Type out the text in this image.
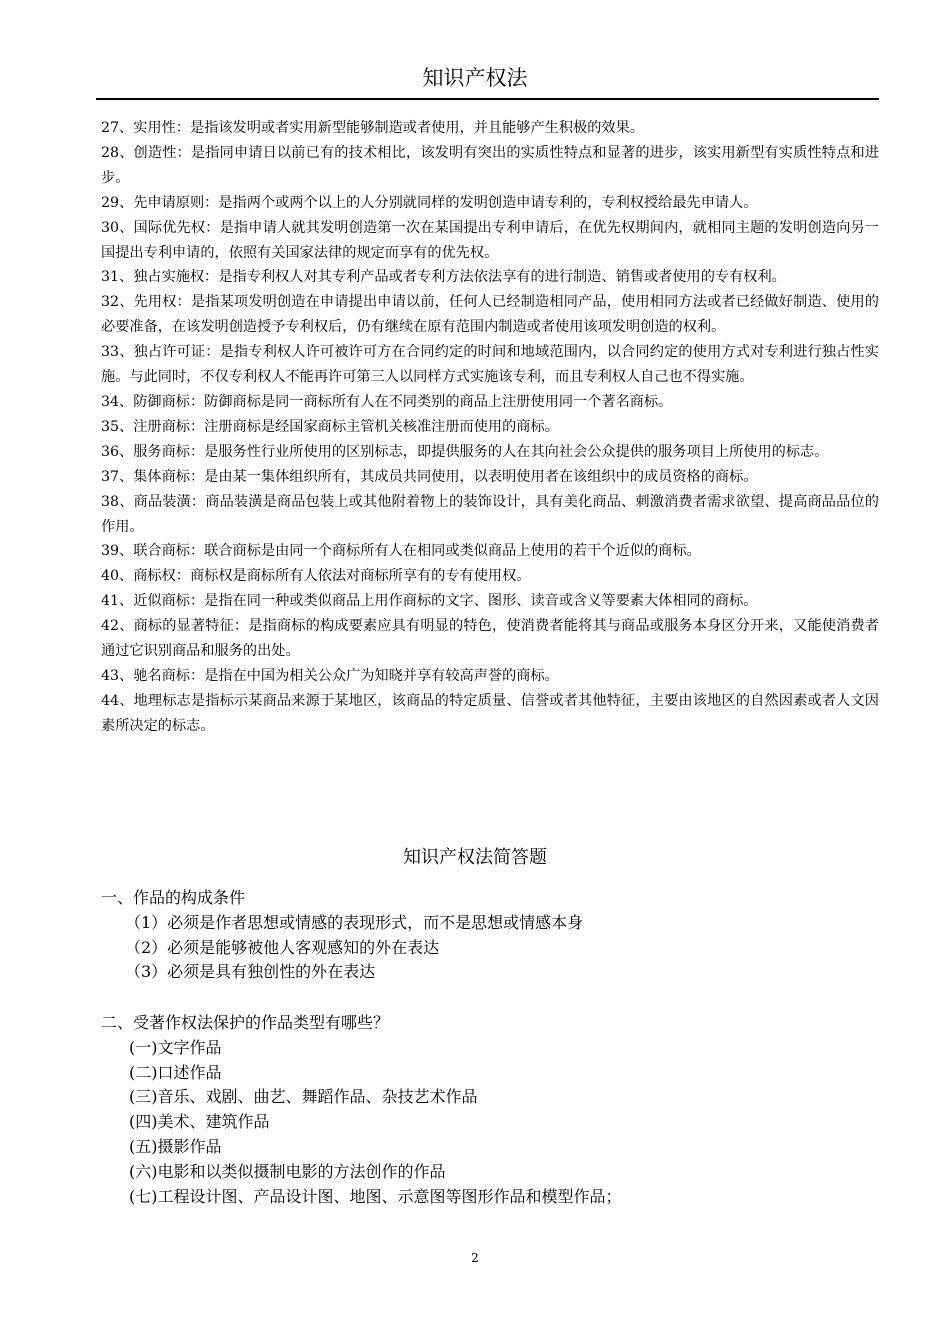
知识产权法

27、实用性：是指该发明或者实用新型能够制造或者使用，并且能够产生积极的效果。

28、创造性：是指同申请日以前已有的技术相比，该发明有突出的实质性特点和显著的进步，该实用新型有实质性特点和进步。

29、先申请原则：是指两个或两个以上的人分别就同样的发明创造申请专利的，专利权授给最先申请人。

30、国际优先权：是指申请人就其发明创造第一次在某国提出专利申请后，在优先权期间内，就相同主题的发明创造向另一国提出专利申请的，依照有关国家法律的规定而享有的优先权。

31、独占实施权：是指专利权人对其专利产品或者专利方法依法享有的进行制造、销售或者使用的专有权利。

32、先用权：是指某项发明创造在申请提出申请以前，任何人已经制造相同产品，使用相同方法或者已经做好制造、使用的必要准备，在该发明创造授予专利权后，仍有继续在原有范围内制造或者使用该项发明创造的权利。

33、独占许可证：是指专利权人许可被许可方在合同约定的时间和地域范围内，以合同约定的使用方式对专利进行独占性实施。与此同时，不仅专利权人不能再许可第三人以同样方式实施该专利，而且专利权人自己也不得实施。

34、防御商标：防御商标是同一商标所有人在不同类别的商品上注册使用同一个著名商标。

35、注册商标：注册商标是经国家商标主管机关核准注册而使用的商标。

36、服务商标：是服务性行业所使用的区别标志，即提供服务的人在其向社会公众提供的服务项目上所使用的标志。

37、集体商标：是由某一集体组织所有，其成员共同使用，以表明使用者在该组织中的成员资格的商标。

38、商品装潢：商品装潢是商品包装上或其他附着物上的装饰设计，具有美化商品、刺激消费者需求欲望、提高商品品位的作用。

39、联合商标：联合商标是由同一个商标所有人在相同或类似商品上使用的若干个近似的商标。

40、商标权：商标权是商标所有人依法对商标所享有的专有使用权。

41、近似商标：是指在同一种或类似商品上用作商标的文字、图形、读音或含义等要素大体相同的商标。

42、商标的显著特征：是指商标的构成要素应具有明显的特色，使消费者能将其与商品或服务本身区分开来，又能使消费者通过它识别商品和服务的出处。

43、驰名商标：是指在中国为相关公众广为知晓并享有较高声誉的商标。

44、地理标志是指标示某商品来源于某地区，该商品的特定质量、信誉或者其他特征，主要由该地区的自然因素或者人文因素所决定的标志。

知识产权法简答题

一、作品的构成条件

（1）必须是作者思想或情感的表现形式，而不是思想或情感本身

（2）必须是能够被他人客观感知的外在表达

（3）必须是具有独创性的外在表达

二、受著作权法保护的作品类型有哪些？

(一)文字作品

(二)口述作品

(三)音乐、戏剧、曲艺、舞蹈作品、杂技艺术作品

(四)美术、建筑作品

(五)摄影作品

(六)电影和以类似摄制电影的方法创作的作品

(七)工程设计图、产品设计图、地图、示意图等图形作品和模型作品；

2
